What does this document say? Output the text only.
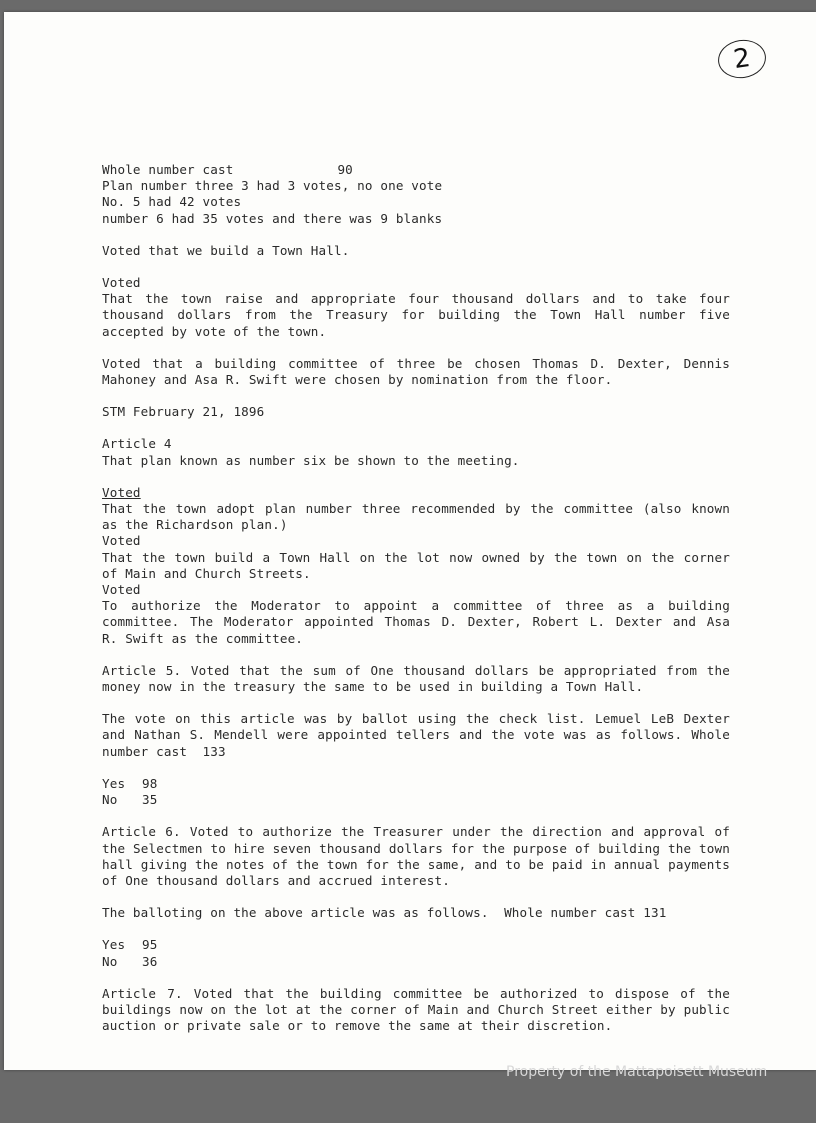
2
Whole number cast	90
Plan number three 3 had 3 votes, no one vote
No. 5 had 42 votes
number 6 had 35 votes and there was 9 blanks
Voted that we build a Town Hall.
Voted
That the town raise and appropriate four thousand dollars and to take four
thousand dollars from the Treasury for building the Town Hall number five
accepted by vote of the town.
Voted that a building committee of three be chosen Thomas D. Dexter, Dennis
Mahoney and Asa R. Swift were chosen by nomination from the floor.
STM February 21, 1896
Article 4
That plan known as number six be shown to the meeting.
Voted
That the town adopt plan number three recommended by the committee (also known
as the Richardson plan.)
Voted
That the town build a Town Hall on the lot now owned by the town on the corner
of Main and Church Streets.
Voted
To authorize the Moderator to appoint a committee of three as a building
committee. The Moderator appointed Thomas D. Dexter, Robert L. Dexter and Asa
R. Swift as the committee.
Article 5. Voted that the sum of One thousand dollars be appropriated from the
money now in the treasury the same to be used in building a Town Hall.
The vote on this article was by ballot using the check list. Lemuel LeB Dexter
and Nathan S. Mendell were appointed tellers and the vote was as follows. Whole
number cast  133
Yes	98
No	35
Article 6. Voted to authorize the Treasurer under the direction and approval of
the Selectmen to hire seven thousand dollars for the purpose of building the town
hall giving the notes of the town for the same, and to be paid in annual payments
of One thousand dollars and accrued interest.
The balloting on the above article was as follows.  Whole number cast 131
Yes	95
No	36
Article 7. Voted that the building committee be authorized to dispose of the
buildings now on the lot at the corner of Main and Church Street either by public
auction or private sale or to remove the same at their discretion.
Property of the Mattapoisett Museum
